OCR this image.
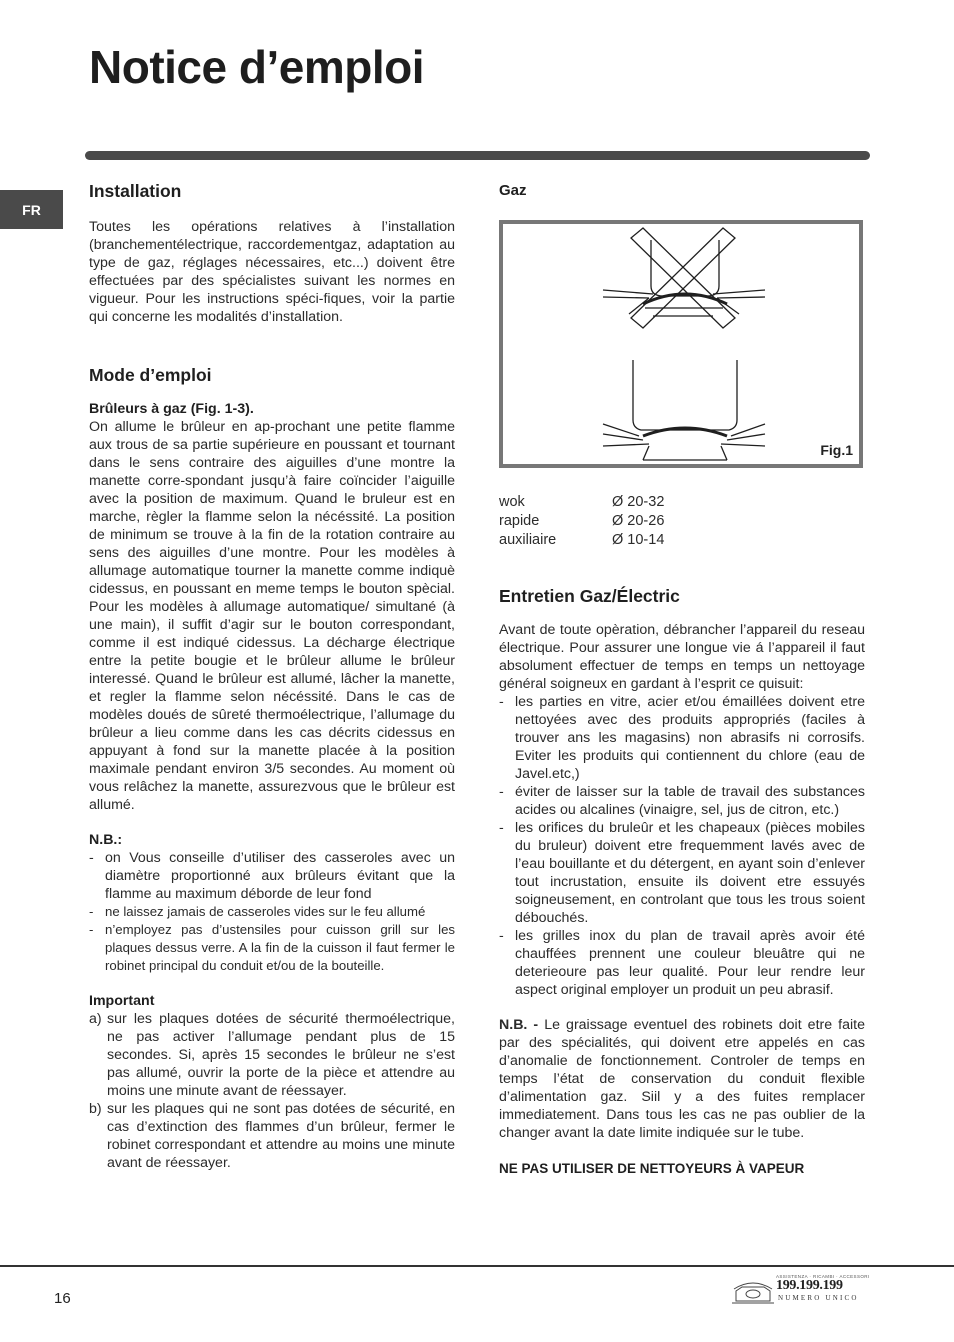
Notice d’emploi
FR
Installation

Toutes les opérations relatives à l’installation (branchementélectrique, raccordementgaz, adaptation au type de gaz, réglages nécessaires, etc...) doivent être effectuées par des spécialistes suivant les normes en vigueur. Pour les instructions spéci-fiques, voir la partie qui concerne les modalités d’installation.

Mode d’emploi
Brûleurs à gaz (Fig. 1-3).

On allume le brûleur en ap-prochant une petite flamme aux trous de sa partie supérieure en poussant et tournant dans le sens contraire des aiguilles d’une montre la manette corre-spondant jusqu’à faire coïncider l’aiguille avec la position de maximum. Quand le bruleur est en marche, règler la flamme selon la nécéssité. La position de minimum se trouve à la fin de la rotation contraire au sens des aiguilles d’une montre. Pour les modèles à allumage automatique tourner la manette comme indiquè cidessus, en poussant en meme temps le bouton spècial. Pour les modèles à allumage automatique/ simultané (à une main), il suffit d’agir sur le bouton correspondant, comme il est indiqué cidessus. La décharge électrique entre la petite bougie et le brûleur allume le brûleur interessé. Quand le brûleur est allumé, lâcher la manette, et regler la flamme selon nécéssité. Dans le cas de modèles doués de sûreté thermoélectrique, l’allumage du brûleur a lieu comme dans les cas décrits cidessus en appuyant à fond sur la manette placée à la position maximale pendant environ 3/5 secondes. Au moment où vous relâchez la manette, assurezvous que le brûleur est allumé.

N.B.:
- on Vous conseille d’utiliser des casseroles avec un diamètre proportionné aux brûleurs évitant que la flamme au maximum déborde de leur fond
- ne laissez jamais de casseroles vides sur le feu allumé
- n’employez pas d’ustensiles pour cuisson grill sur les plaques dessus verre. A la fin de la cuisson il faut fermer le robinet principal du conduit et/ou de la bouteille.
Important
a) sur les plaques dotées de sécurité thermoélectrique, ne pas activer l’allumage pendant plus de 15 secondes. Si, après 15 secondes le brûleur ne s’est pas allumé, ouvrir la porte de la pièce et attendre au moins une minute avant de réessayer.
b) sur les plaques qui ne sont pas dotées de sécurité, en cas d’extinction des flammes d’un brûleur, fermer le robinet correspondant et attendre au moins une minute avant de réessayer.
Gaz
Fig.1
wok	Ø 20-32
rapide	Ø 20-26
auxiliaire	Ø 10-14
Entretien Gaz/Électric

Avant de toute opèration, débrancher l’appareil du reseau électrique. Pour assurer une longue vie á l’appareil il faut absolument effectuer de temps en temps un nettoyage général soigneux en gardant à l’esprit ce quisuit:

- les parties en vitre, acier et/ou émaillées doivent etre nettoyées avec des produits appropriés (faciles à trouver ans les magasins) non abrasifs ni corrosifs. Eviter les produits qui contiennent du chlore (eau de Javel.etc,)
- éviter de laisser sur la table de travail des substances acides ou alcalines (vinaigre, sel, jus de citron, etc.)
- les orifices du bruleûr et les chapeaux (pièces mobiles du bruleur) doivent etre frequemment lavés avec de l’eau bouillante et du détergent, en ayant soin d’enlever tout incrustation, ensuite ils doivent etre essuyés soigneusement, en controlant que tous les trous soient débouchés.
- les grilles inox du plan de travail après avoir été chauffées prennent une couleur bleuâtre qui ne deterieoure pas leur qualité. Pour leur rendre leur aspect original employer un produit un peu abrasif.

N.B. - Le graissage eventuel des robinets doit etre faite par des spécialités, qui doivent etre appelés en cas d’anomalie de fonctionnement. Controler de temps en temps l’état de conservation du conduit flexible d’alimentation gaz. Siil y a des fuites remplacer immediatement. Dans tous les cas ne pas oublier de la changer avant la date limite indiquée sur le tube.

NE PAS UTILISER DE NETTOYEURS À VAPEUR
16
ASSISTENZA · RICAMBI · ACCESSORI
199.199.199
NUMERO UNICO
